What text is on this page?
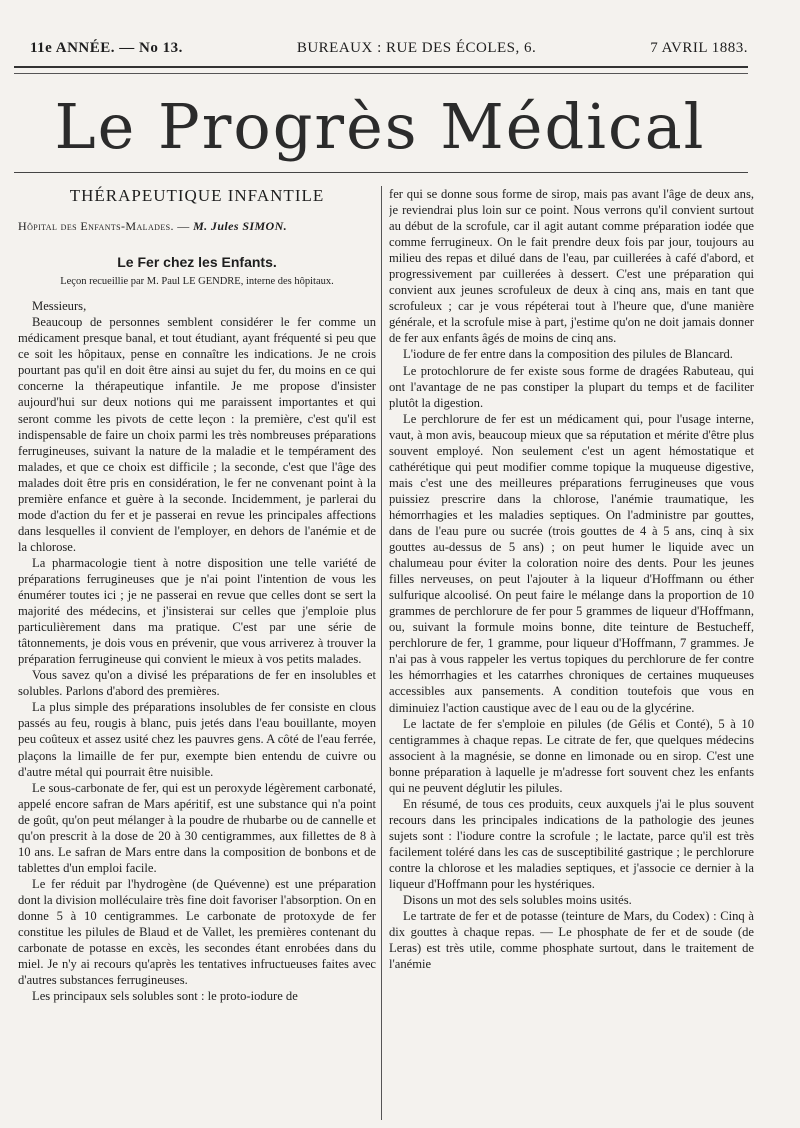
11e ANNÉE. — No 13.	BUREAUX : RUE DES ÉCOLES, 6.	7 AVRIL 1883.
Le Progrès Médical
THÉRAPEUTIQUE INFANTILE
Hôpital des Enfants-Malades. — M. Jules SIMON.
Le Fer chez les Enfants.
Leçon recueillie par M. Paul LE GENDRE, interne des hôpitaux.

Messieurs,

Beaucoup de personnes semblent considérer le fer comme un médicament presque banal, et tout étudiant, ayant fréquenté si peu que ce soit les hôpitaux, pense en connaître les indications. Je ne crois pourtant pas qu'il en doit être ainsi au sujet du fer, du moins en ce qui concerne la thérapeutique infantile. Je me propose d'insister aujourd'hui sur deux notions qui me paraissent importantes et qui seront comme les pivots de cette leçon : la première, c'est qu'il est indispensable de faire un choix parmi les très nombreuses préparations ferrugineuses, suivant la nature de la maladie et le tempérament des malades, et que ce choix est difficile ; la seconde, c'est que l'âge des malades doit être pris en considération, le fer ne convenant point à la première enfance et guère à la seconde. Incidemment, je parlerai du mode d'action du fer et je passerai en revue les principales affections dans lesquelles il convient de l'employer, en dehors de l'anémie et de la chlorose.

La pharmacologie tient à notre disposition une telle variété de préparations ferrugineuses que je n'ai point l'intention de vous les énumérer toutes ici ; je ne passerai en revue que celles dont se sert la majorité des médecins, et j'insisterai sur celles que j'emploie plus particulièrement dans ma pratique. C'est par une série de tâtonnements, je dois vous en prévenir, que vous arriverez à trouver la préparation ferrugineuse qui convient le mieux à vos petits malades.

Vous savez qu'on a divisé les préparations de fer en insolubles et solubles. Parlons d'abord des premières.

La plus simple des préparations insolubles de fer consiste en clous passés au feu, rougis à blanc, puis jetés dans l'eau bouillante, moyen peu coûteux et assez usité chez les pauvres gens. A côté de l'eau ferrée, plaçons la limaille de fer pur, exempte bien entendu de cuivre ou d'autre métal qui pourrait être nuisible.

Le sous-carbonate de fer, qui est un peroxyde légèrement carbonaté, appelé encore safran de Mars apéritif, est une substance qui n'a point de goût, qu'on peut mélanger à la poudre de rhubarbe ou de cannelle et qu'on prescrit à la dose de 20 à 30 centigrammes, aux fillettes de 8 à 10 ans. Le safran de Mars entre dans la composition de bonbons et de tablettes d'un emploi facile.

Le fer réduit par l'hydrogène (de Quévenne) est une préparation dont la division molléculaire très fine doit favoriser l'absorption. On en donne 5 à 10 centigrammes. Le carbonate de protoxyde de fer constitue les pilules de Blaud et de Vallet, les premières contenant du carbonate de potasse en excès, les secondes étant enrobées dans du miel. Je n'y ai recours qu'après les tentatives infructueuses faites avec d'autres substances ferrugineuses.

Les principaux sels solubles sont : le proto-iodure de

fer qui se donne sous forme de sirop, mais pas avant l'âge de deux ans, je reviendrai plus loin sur ce point. Nous verrons qu'il convient surtout au début de la scrofule, car il agit autant comme préparation iodée que comme ferrugineux. On le fait prendre deux fois par jour, toujours au milieu des repas et dilué dans de l'eau, par cuillerées à café d'abord, et progressivement par cuillerées à dessert. C'est une préparation qui convient aux jeunes scrofuleux de deux à cinq ans, mais en tant que scrofuleux ; car je vous répéterai tout à l'heure que, d'une manière générale, et la scrofule mise à part, j'estime qu'on ne doit jamais donner de fer aux enfants âgés de moins de cinq ans.

L'iodure de fer entre dans la composition des pilules de Blancard.

Le protochlorure de fer existe sous forme de dragées Rabuteau, qui ont l'avantage de ne pas constiper la plupart du temps et de faciliter plutôt la digestion.

Le perchlorure de fer est un médicament qui, pour l'usage interne, vaut, à mon avis, beaucoup mieux que sa réputation et mérite d'être plus souvent employé. Non seulement c'est un agent hémostatique et cathérétique qui peut modifier comme topique la muqueuse digestive, mais c'est une des meilleures préparations ferrugineuses que vous puissiez prescrire dans la chlorose, l'anémie traumatique, les hémorrhagies et les maladies septiques. On l'administre par gouttes, dans de l'eau pure ou sucrée (trois gouttes de 4 à 5 ans, cinq à six gouttes au-dessus de 5 ans) ; on peut humer le liquide avec un chalumeau pour éviter la coloration noire des dents. Pour les jeunes filles nerveuses, on peut l'ajouter à la liqueur d'Hoffmann ou éther sulfurique alcoolisé. On peut faire le mélange dans la proportion de 10 grammes de perchlorure de fer pour 5 grammes de liqueur d'Hoffmann, ou, suivant la formule moins bonne, dite teinture de Bestucheff, perchlorure de fer, 1 gramme, pour liqueur d'Hoffmann, 7 grammes. Je n'ai pas à vous rappeler les vertus topiques du perchlorure de fer contre les hémorrhagies et les catarrhes chroniques de certaines muqueuses accessibles aux pansements. A condition toutefois que vous en diminuiez l'action caustique avec de l eau ou de la glycérine.

Le lactate de fer s'emploie en pilules (de Gélis et Conté), 5 à 10 centigrammes à chaque repas. Le citrate de fer, que quelques médecins associent à la magnésie, se donne en limonade ou en sirop. C'est une bonne préparation à laquelle je m'adresse fort souvent chez les enfants qui ne peuvent déglutir les pilules.

En résumé, de tous ces produits, ceux auxquels j'ai le plus souvent recours dans les principales indications de la pathologie des jeunes sujets sont : l'iodure contre la scrofule ; le lactate, parce qu'il est très facilement toléré dans les cas de susceptibilité gastrique ; le perchlorure contre la chlorose et les maladies septiques, et j'associe ce dernier à la liqueur d'Hoffmann pour les hystériques.

Disons un mot des sels solubles moins usités.

Le tartrate de fer et de potasse (teinture de Mars, du Codex) : Cinq à dix gouttes à chaque repas. — Le phosphate de fer et de soude (de Leras) est très utile, comme phosphate surtout, dans le traitement de l'anémie
